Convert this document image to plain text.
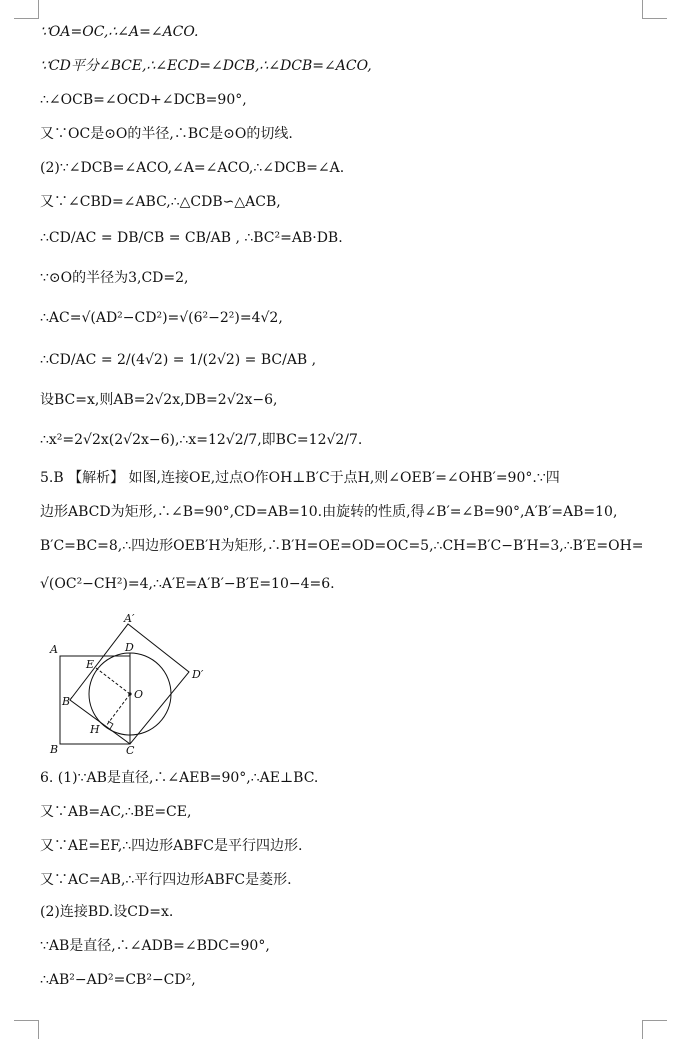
∵OA=OC,∴∠A=∠ACO.
∵CD平分∠BCE,∴∠ECD=∠DCB,∴∠DCB=∠ACO,
∴∠OCB=∠OCD+∠DCB=90°,
又∵OC是⊙O的半径,∴BC是⊙O的切线.
(2)∵∠DCB=∠ACO,∠A=∠ACO,∴∠DCB=∠A.
又∵∠CBD=∠ABC,∴△CDB∽△ACB,
∴CD/AC = DB/CB = CB/AB , ∴BC²=AB·DB.
∵⊙O的半径为3,CD=2,
∴AC=√(AD²−CD²)=√(6²−2²)=4√2,
∴CD/AC = 2/(4√2) = 1/(2√2) = BC/AB ,
设BC=x,则AB=2√2x,DB=2√2x−6,
∴x²=2√2x(2√2x−6),∴x=12√2/7,即BC=12√2/7.
5.B 【解析】 如图,连接OE,过点O作OH⊥B′C于点H,则∠OEB′=∠OHB′=90°.∵四
边形ABCD为矩形,∴∠B=90°,CD=AB=10.由旋转的性质,得∠B′=∠B=90°,A′B′=AB=10,
B′C=BC=8,∴四边形OEB′H为矩形,∴B′H=OE=OD=OC=5,∴CH=B′C−B′H=3,∴B′E=OH=
√(OC²−CH²)=4,∴A′E=A′B′−B′E=10−4=6.
A
A′
D
D′
E
O
B′
H
B	C
6. (1)∵AB是直径,∴∠AEB=90°,∴AE⊥BC.
又∵AB=AC,∴BE=CE,
又∵AE=EF,∴四边形ABFC是平行四边形.
又∵AC=AB,∴平行四边形ABFC是菱形.
(2)连接BD.设CD=x.
∵AB是直径,∴∠ADB=∠BDC=90°,
∴AB²−AD²=CB²−CD²,
